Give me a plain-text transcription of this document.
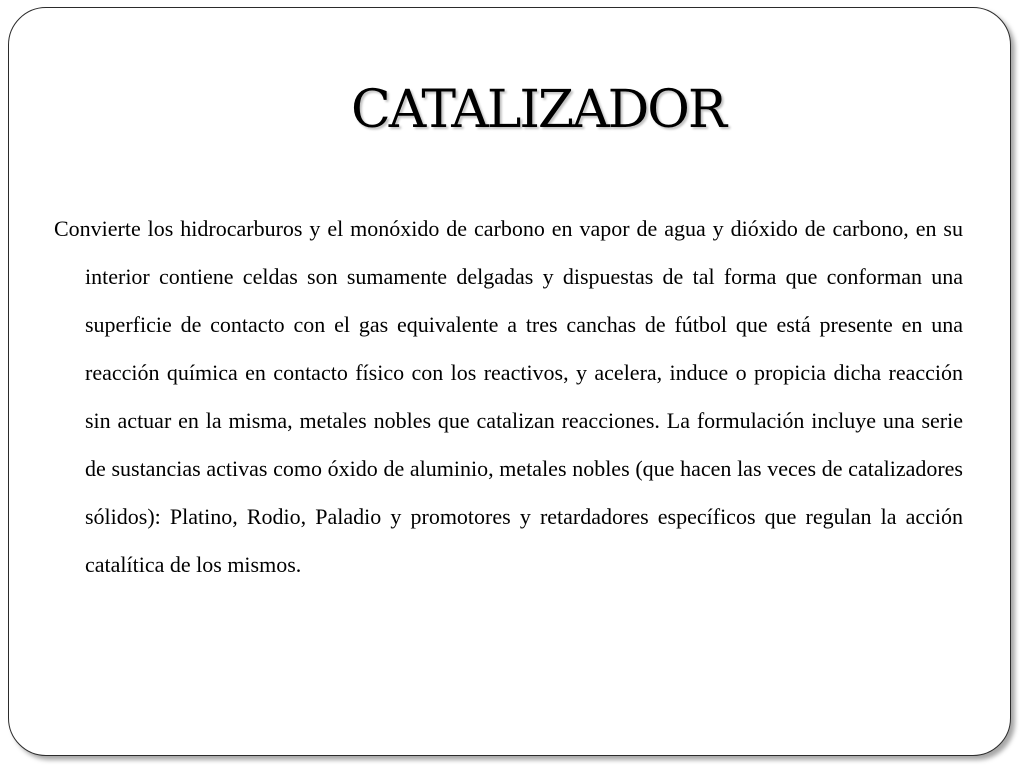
CATALIZADOR

Convierte los hidrocarburos y el monóxido de carbono en vapor de agua y dióxido de carbono, en su interior contiene celdas son sumamente delgadas y dispuestas de tal forma que conforman una superficie de contacto con el gas equivalente a tres canchas de fútbol que está presente en una reacción química en contacto físico con los reactivos, y acelera, induce o propicia dicha reacción sin actuar en la misma, metales nobles que catalizan reacciones. La formulación incluye una serie de sustancias activas como óxido de aluminio, metales nobles (que hacen las veces de catalizadores sólidos): Platino, Rodio, Paladio y promotores y retardadores específicos que regulan la acción catalítica de los mismos.
